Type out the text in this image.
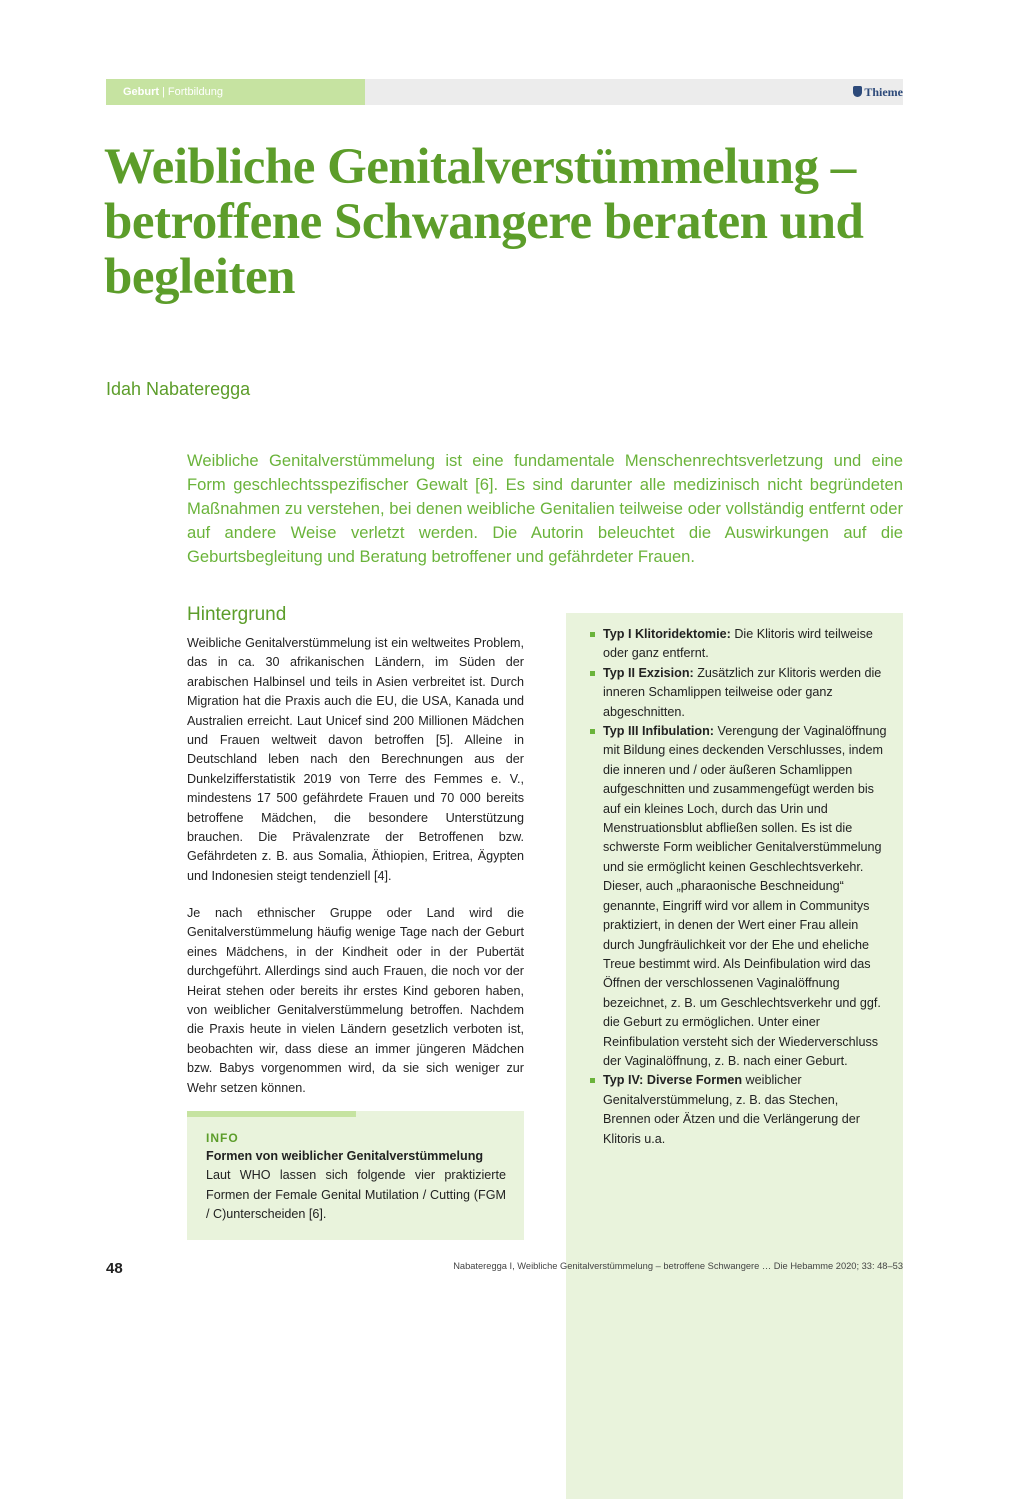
Geburt | Fortbildung	Thieme
Weibliche Genitalverstümmelung – betroffene Schwangere beraten und begleiten
Idah Nabateregga

Weibliche Genitalverstümmelung ist eine fundamentale Menschenrechtsverletzung und eine Form geschlechtsspezifischer Gewalt [6]. Es sind darunter alle medizinisch nicht begründeten Maßnahmen zu verstehen, bei denen weibliche Genitalien teilweise oder vollständig entfernt oder auf andere Weise verletzt werden. Die Autorin beleuchtet die Auswirkungen auf die Geburtsbegleitung und Beratung betroffener und gefährdeter Frauen.

Hintergrund

Weibliche Genitalverstümmelung ist ein weltweites Problem, das in ca. 30 afrikanischen Ländern, im Süden der arabischen Halbinsel und teils in Asien verbreitet ist. Durch Migration hat die Praxis auch die EU, die USA, Kanada und Australien erreicht. Laut Unicef sind 200 Millionen Mädchen und Frauen weltweit davon betroffen [5]. Alleine in Deutschland leben nach den Berechnungen aus der Dunkelzifferstatistik 2019 von Terre des Femmes e. V., mindestens 17 500 gefährdete Frauen und 70 000 bereits betroffene Mädchen, die besondere Unterstützung brauchen. Die Prävalenzrate der Betroffenen bzw. Gefährdeten z. B. aus Somalia, Äthiopien, Eritrea, Ägypten und Indonesien steigt tendenziell [4].

Je nach ethnischer Gruppe oder Land wird die Genitalverstümmelung häufig wenige Tage nach der Geburt eines Mädchens, in der Kindheit oder in der Pubertät durchgeführt. Allerdings sind auch Frauen, die noch vor der Heirat stehen oder bereits ihr erstes Kind geboren haben, von weiblicher Genitalverstümmelung betroffen. Nachdem die Praxis heute in vielen Ländern gesetzlich verboten ist, beobachten wir, dass diese an immer jüngeren Mädchen bzw. Babys vorgenommen wird, da sie sich weniger zur Wehr setzen können.

INFO
Formen von weiblicher Genitalverstümmelung

Laut WHO lassen sich folgende vier praktizierte Formen der Female Genital Mutilation / Cutting (FGM / C)unterscheiden [6].

Typ I Klitoridektomie: Die Klitoris wird teilweise oder ganz entfernt.
Typ II Exzision: Zusätzlich zur Klitoris werden die inneren Schamlippen teilweise oder ganz abgeschnitten.
Typ III Infibulation: Verengung der Vaginalöffnung mit Bildung eines deckenden Verschlusses, indem die inneren und / oder äußeren Schamlippen aufgeschnitten und zusammengefügt werden bis auf ein kleines Loch, durch das Urin und Menstruationsblut abfließen sollen. Es ist die schwerste Form weiblicher Genitalverstümmelung und sie ermöglicht keinen Geschlechtsverkehr. Dieser, auch „pharaonische Beschneidung“ genannte, Eingriff wird vor allem in Communitys praktiziert, in denen der Wert einer Frau allein durch Jungfräulichkeit vor der Ehe und eheliche Treue bestimmt wird. Als Deinfibulation wird das Öffnen der verschlossenen Vaginalöffnung bezeichnet, z. B. um Geschlechtsverkehr und ggf. die Geburt zu ermöglichen. Unter einer Reinfibulation versteht sich der Wiederverschluss der Vaginalöffnung, z. B. nach einer Geburt.
Typ IV: Diverse Formen weiblicher Genitalverstümmelung, z. B. das Stechen, Brennen oder Ätzen und die Verlängerung der Klitoris u.a.
48	Nabateregga I, Weibliche Genitalverstümmelung – betroffene Schwangere … Die Hebamme 2020; 33: 48–53
